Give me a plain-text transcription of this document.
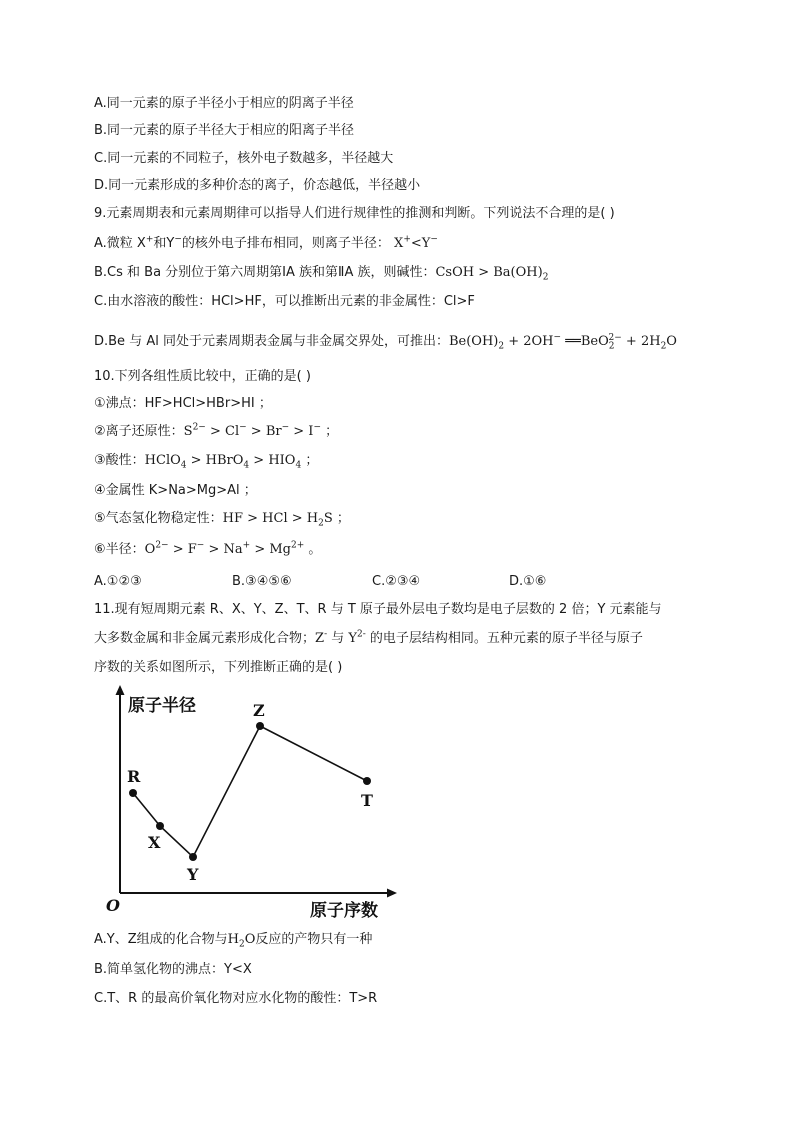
A.同一元素的原子半径小于相应的阴离子半径
B.同一元素的原子半径大于相应的阳离子半径
C.同一元素的不同粒子，核外电子数越多，半径越大
D.同一元素形成的多种价态的离子，价态越低，半径越小
9.元素周期表和元素周期律可以指导人们进行规律性的推测和判断。下列说法不合理的是( )
A.微粒 X+和Y−的核外电子排布相同，则离子半径： X+<Y−
B.Cs 和 Ba 分别位于第六周期第ⅠA 族和第ⅡA 族，则碱性：CsOH > $Ba(OH)_2$
C.由水溶液的酸性：HCl>HF，可以推断出元素的非金属性：Cl>F
D.Be 与 Al 同处于元素周期表金属与非金属交界处，可推出：$Be(OH)_2 + 2OH^-$ ══BeO$_2^{2-}$ + $2H_2O$
10.下列各组性质比较中，正确的是( )
①沸点：HF>HCl>HBr>HI ；
②离子还原性：$S^{2-} > Cl^- > Br^- > I^-$ ；
③酸性：HClO$_4$ > HBrO$_4$ > $HIO_4$ ；
④金属性 K>Na>Mg>Al ；
⑤气态氢化物稳定性：HF > HCl > $H_2S$ ；
⑥半径：$O^{2-} > F^- > Na^+ > Mg^{2+}$ 。
A.①②③	B.③④⑤⑥	C.②③④	D.①⑥
11.现有短周期元素 R、X、Y、Z、T、R 与 T 原子最外层电子数均是电子层数的 2 倍；Y 元素能与
大多数金属和非金属元素形成化合物；Z- 与 $Y^{2-}$ 的电子层结构相同。五种元素的原子半径与原子
序数的关系如图所示，下列推断正确的是( )
原子半径
原子序数
O
R
X
Y
Z
T
A.Y、Z组成的化合物与$H_2O$反应的产物只有一种
B.简单氢化物的沸点：Y<X
C.T、R 的最高价氧化物对应水化物的酸性：T>R
